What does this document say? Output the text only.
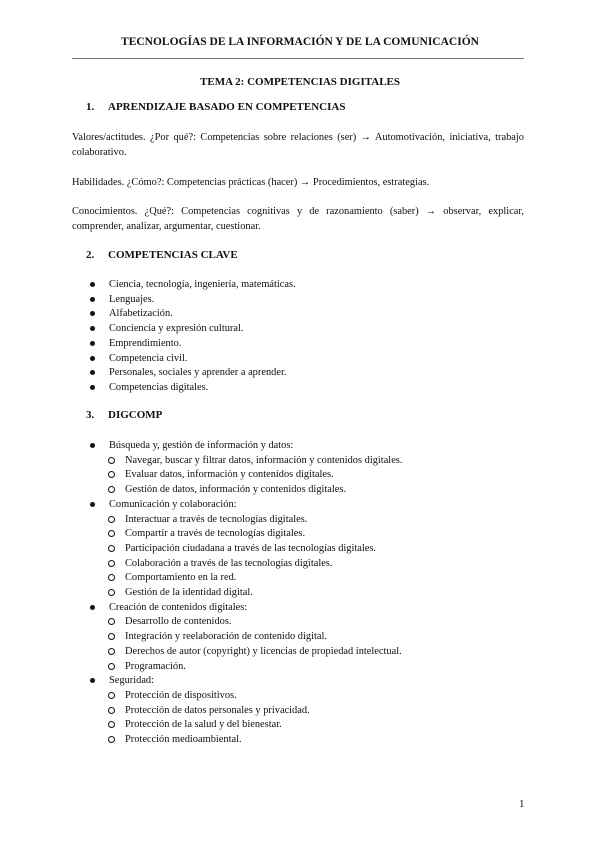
TECNOLOGÍAS DE LA INFORMACIÓN Y DE LA COMUNICACIÓN
TEMA 2: COMPETENCIAS DIGITALES
1. APRENDIZAJE BASADO EN COMPETENCIAS
Valores/actitudes. ¿Por qué?: Competencias sobre relaciones (ser) → Automotivación, iniciativa, trabajo colaborativo.
Habilidades. ¿Cómo?: Competencias prácticas (hacer) → Procedimientos, estrategias.
Conocimientos. ¿Qué?: Competencias cognitivas y de razonamiento (saber) → observar, explicar, comprender, analizar, argumentar, cuestionar.
2. COMPETENCIAS CLAVE
Ciencia, tecnología, ingeniería, matemáticas.
Lenguajes.
Alfabetización.
Conciencia y expresión cultural.
Emprendimiento.
Competencia civil.
Personales, sociales y aprender a aprender.
Competencias digitales.
3. DIGCOMP
Búsqueda y, gestión de información y datos:
Navegar, buscar y filtrar datos, información y contenidos digitales.
Evaluar datos, información y contenidos digitales.
Gestión de datos, información y contenidos digitales.
Comunicación y colaboración:
Interactuar a través de tecnologías digitales.
Compartir a través de tecnologías digitales.
Participación ciudadana a través de las tecnologías digitales.
Colaboración a través de las tecnologías digitales.
Comportamiento en la red.
Gestión de la identidad digital.
Creación de contenidos digitales:
Desarrollo de contenidos.
Integración y reelaboración de contenido digital.
Derechos de autor (copyright) y licencias de propiedad intelectual.
Programación.
Seguridad:
Protección de dispositivos.
Protección de datos personales y privacidad.
Protección de la salud y del bienestar.
Protección medioambiental.
1
